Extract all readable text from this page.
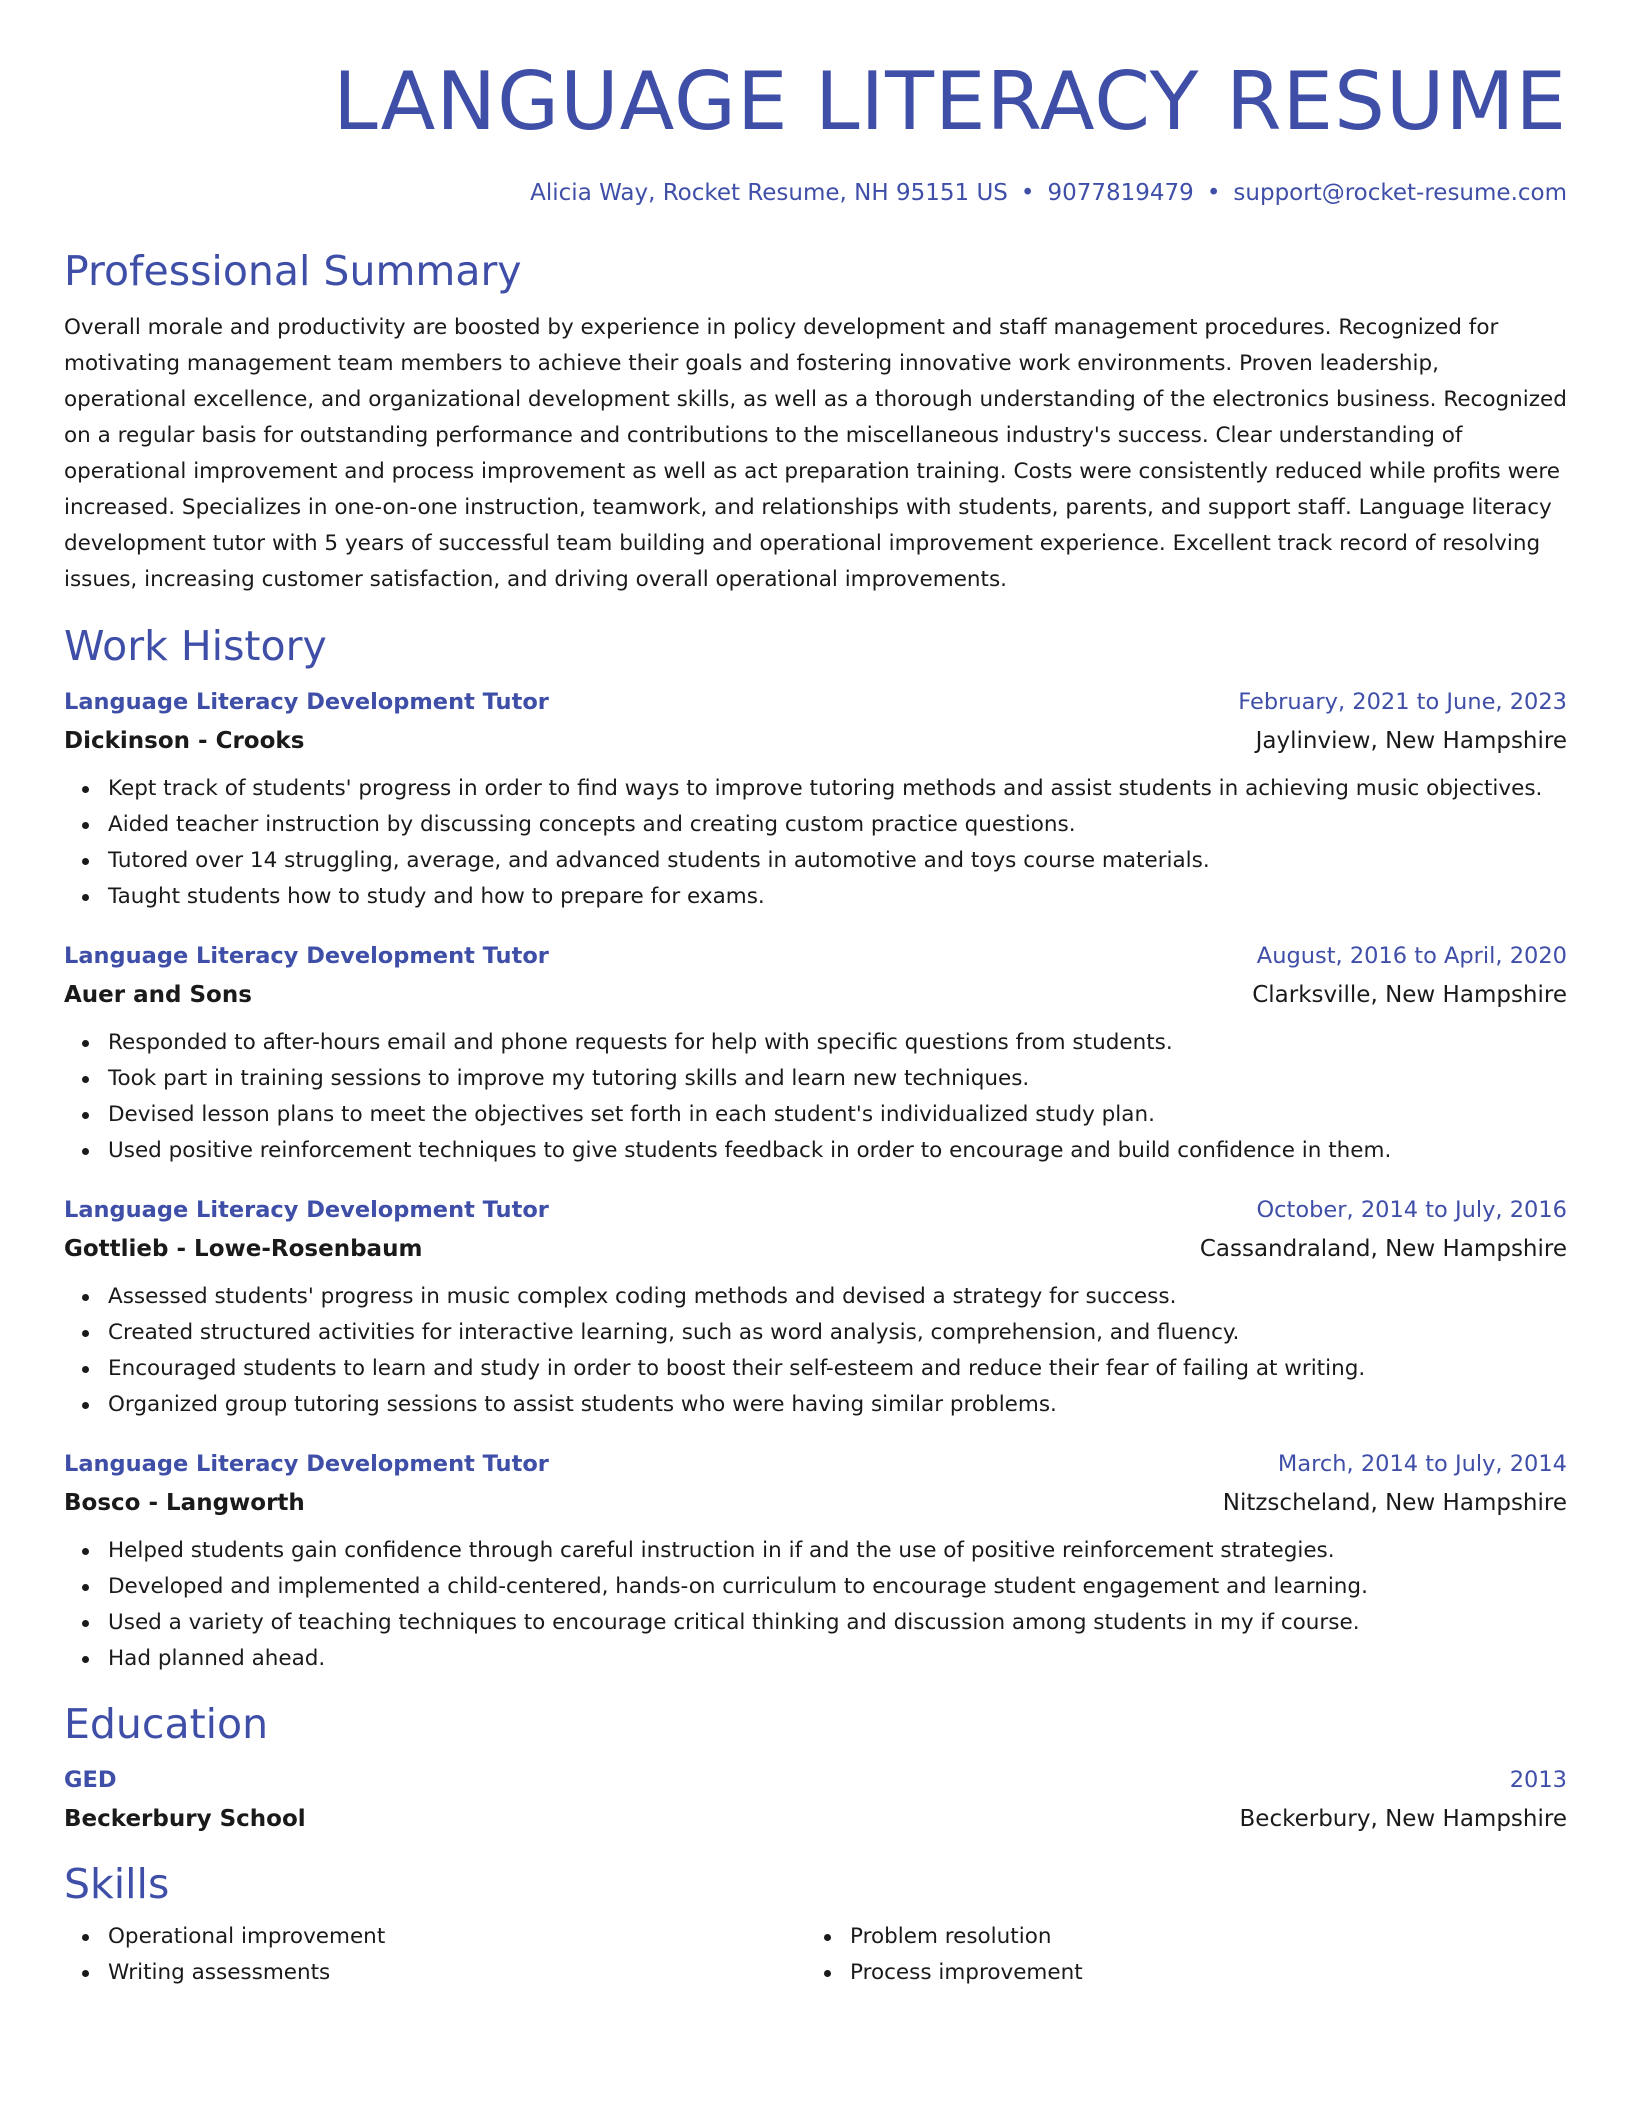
LANGUAGE LITERACY RESUME
Alicia Way, Rocket Resume, NH 95151 US • 9077819479 • support@rocket-resume.com
Professional Summary

Overall morale and productivity are boosted by experience in policy development and staff management procedures. Recognized for motivating management team members to achieve their goals and fostering innovative work environments. Proven leadership, operational excellence, and organizational development skills, as well as a thorough understanding of the electronics business. Recognized on a regular basis for outstanding performance and contributions to the miscellaneous industry's success. Clear understanding of operational improvement and process improvement as well as act preparation training. Costs were consistently reduced while profits were increased. Specializes in one-on-one instruction, teamwork, and relationships with students, parents, and support staff. Language literacy development tutor with 5 years of successful team building and operational improvement experience. Excellent track record of resolving issues, increasing customer satisfaction, and driving overall operational improvements.

Work History
Language Literacy Development Tutor	February, 2021 to June, 2023
Dickinson - Crooks	Jaylinview, New Hampshire
Kept track of students' progress in order to find ways to improve tutoring methods and assist students in achieving music objectives.
Aided teacher instruction by discussing concepts and creating custom practice questions.
Tutored over 14 struggling, average, and advanced students in automotive and toys course materials.
Taught students how to study and how to prepare for exams.
Language Literacy Development Tutor	August, 2016 to April, 2020
Auer and Sons	Clarksville, New Hampshire
Responded to after-hours email and phone requests for help with specific questions from students.
Took part in training sessions to improve my tutoring skills and learn new techniques.
Devised lesson plans to meet the objectives set forth in each student's individualized study plan.
Used positive reinforcement techniques to give students feedback in order to encourage and build confidence in them.
Language Literacy Development Tutor	October, 2014 to July, 2016
Gottlieb - Lowe-Rosenbaum	Cassandraland, New Hampshire
Assessed students' progress in music complex coding methods and devised a strategy for success.
Created structured activities for interactive learning, such as word analysis, comprehension, and fluency.
Encouraged students to learn and study in order to boost their self-esteem and reduce their fear of failing at writing.
Organized group tutoring sessions to assist students who were having similar problems.
Language Literacy Development Tutor	March, 2014 to July, 2014
Bosco - Langworth	Nitzscheland, New Hampshire
Helped students gain confidence through careful instruction in if and the use of positive reinforcement strategies.
Developed and implemented a child-centered, hands-on curriculum to encourage student engagement and learning.
Used a variety of teaching techniques to encourage critical thinking and discussion among students in my if course.
Had planned ahead.
Education
GED	2013
Beckerbury School	Beckerbury, New Hampshire
Skills
Operational improvement
Writing assessments
Problem resolution
Process improvement
